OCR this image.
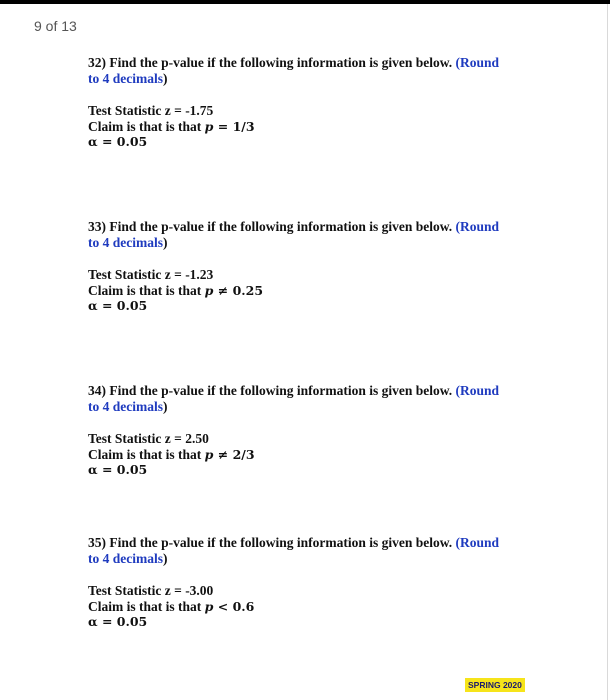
9 of 13
32) Find the p-value if the following information is given below. (Round
to 4 decimals)
Test Statistic z = -1.75
Claim is that is that p = 1/3
α = 0.05
33) Find the p-value if the following information is given below. (Round
to 4 decimals)
Test Statistic z = -1.23
Claim is that is that p ≠ 0.25
α = 0.05
34) Find the p-value if the following information is given below. (Round
to 4 decimals)
Test Statistic z = 2.50
Claim is that is that p ≠ 2/3
α = 0.05
35) Find the p-value if the following information is given below. (Round
to 4 decimals)
Test Statistic z = -3.00
Claim is that is that p < 0.6
α = 0.05
SPRING 2020
